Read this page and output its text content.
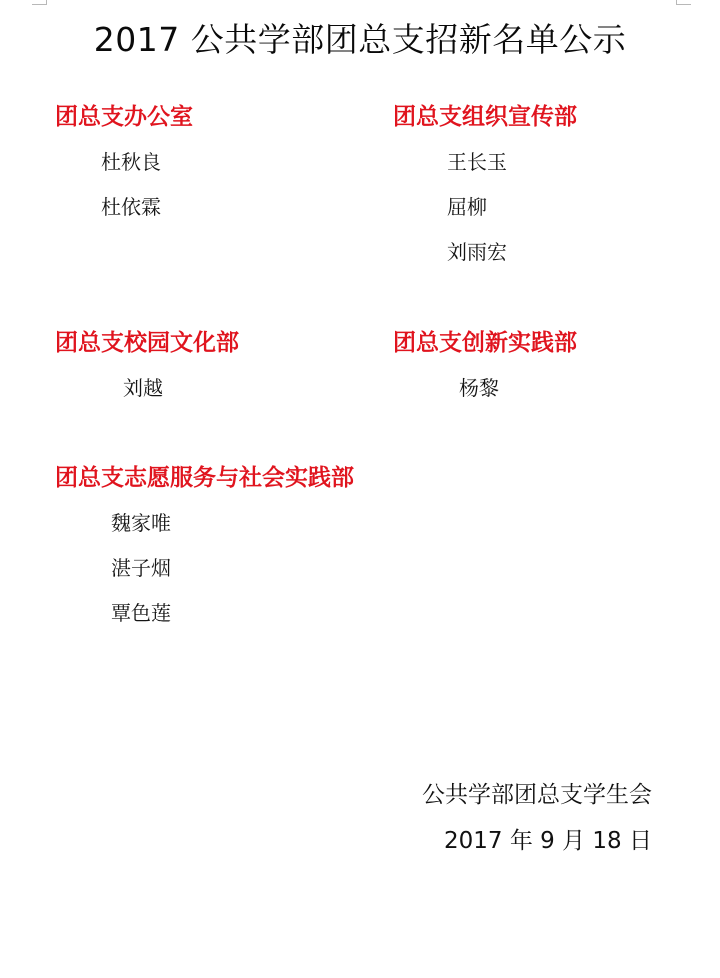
2017 公共学部团总支招新名单公示
团总支办公室
杜秋良
杜依霖
团总支组织宣传部
王长玉
屈柳
刘雨宏
团总支校园文化部
刘越
团总支创新实践部
杨黎
团总支志愿服务与社会实践部
魏家唯
湛子烟
覃色莲
公共学部团总支学生会
2017 年 9 月 18 日
